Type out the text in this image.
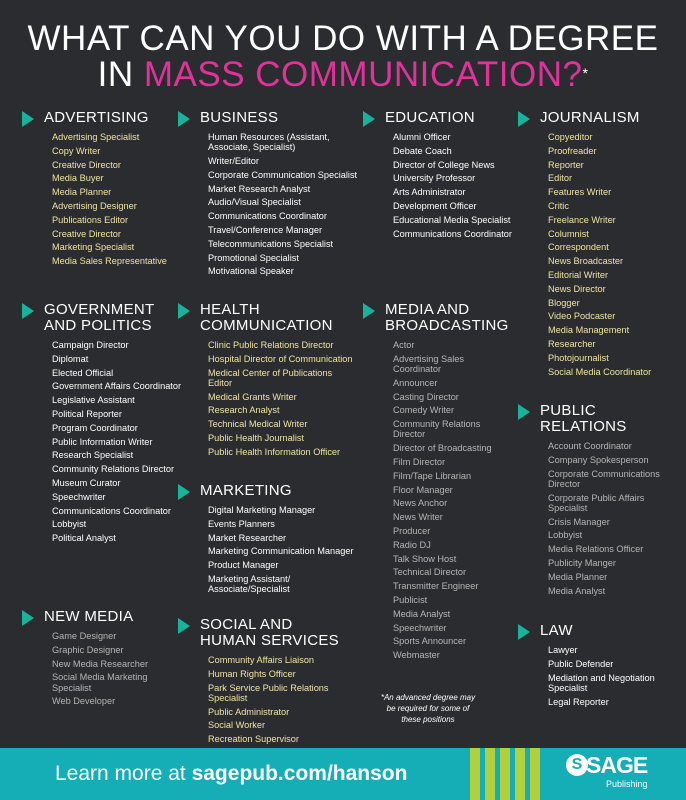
WHAT CAN YOU DO WITH A DEGREE
IN MASS COMMUNICATION?*
ADVERTISING
Advertising Specialist
Copy Writer
Creative Director
Media Buyer
Media Planner
Advertising Designer
Publications Editor
Creative Director
Marketing Specialist
Media Sales Representative
GOVERNMENT
AND POLITICS
Campaign Director
Diplomat
Elected Official
Government Affairs Coordinator
Legislative Assistant
Political Reporter
Program Coordinator
Public Information Writer
Research Specialist
Community Relations Director
Museum Curator
Speechwriter
Communications Coordinator
Lobbyist
Political Analyst
NEW MEDIA
Game Designer
Graphic Designer
New Media Researcher
Social Media Marketing Specialist
Web Developer
BUSINESS
Human Resources (Assistant, Associate, Specialist)
Writer/Editor
Corporate Communication Specialist
Market Research Analyst
Audio/Visual Specialist
Communications Coordinator
Travel/Conference Manager
Telecommunications Specialist
Promotional Specialist
Motivational Speaker
HEALTH
COMMUNICATION
Clinic Public Relations Director
Hospital Director of Communication
Medical Center of Publications Editor
Medical Grants Writer
Research Analyst
Technical Medical Writer
Public Health Journalist
Public Health Information Officer
MARKETING
Digital Marketing Manager
Events Planners
Market Researcher
Marketing Communication Manager
Product Manager
Marketing Assistant/ Associate/Specialist
SOCIAL AND
HUMAN SERVICES
Community Affairs Liaison
Human Rights Officer
Park Service Public Relations Specialist
Public Administrator
Social Worker
Recreation Supervisor
EDUCATION
Alumni Officer
Debate Coach
Director of College News
University Professor
Arts Administrator
Development Officer
Educational Media Specialist
Communications Coordinator
MEDIA AND
BROADCASTING
Actor
Advertising Sales Coordinator
Announcer
Casting Director
Comedy Writer
Community Relations Director
Director of Broadcasting
Film Director
Film/Tape Librarian
Floor Manager
News Anchor
News Writer
Producer
Radio DJ
Talk Show Host
Technical Director
Transmitter Engineer
Publicist
Media Analyst
Speechwriter
Sports Announcer
Webmaster
*An advanced degree may be required for some of these positions
JOURNALISM
Copyeditor
Proofreader
Reporter
Editor
Features Writer
Critic
Freelance Writer
Columnist
Correspondent
News Broadcaster
Editorial Writer
News Director
Blogger
Video Podcaster
Media Management
Researcher
Photojournalist
Social Media Coordinator
PUBLIC
RELATIONS
Account Coordinator
Company Spokesperson
Corporate Communications Director
Corporate Public Affairs Specialist
Crisis Manager
Lobbyist
Media Relations Officer
Publicity Manger
Media Planner
Media Analyst
LAW
Lawyer
Public Defender
Mediation and Negotiation Specialist
Legal Reporter
Learn more at sagepub.com/hanson	S SAGE
Publishing
